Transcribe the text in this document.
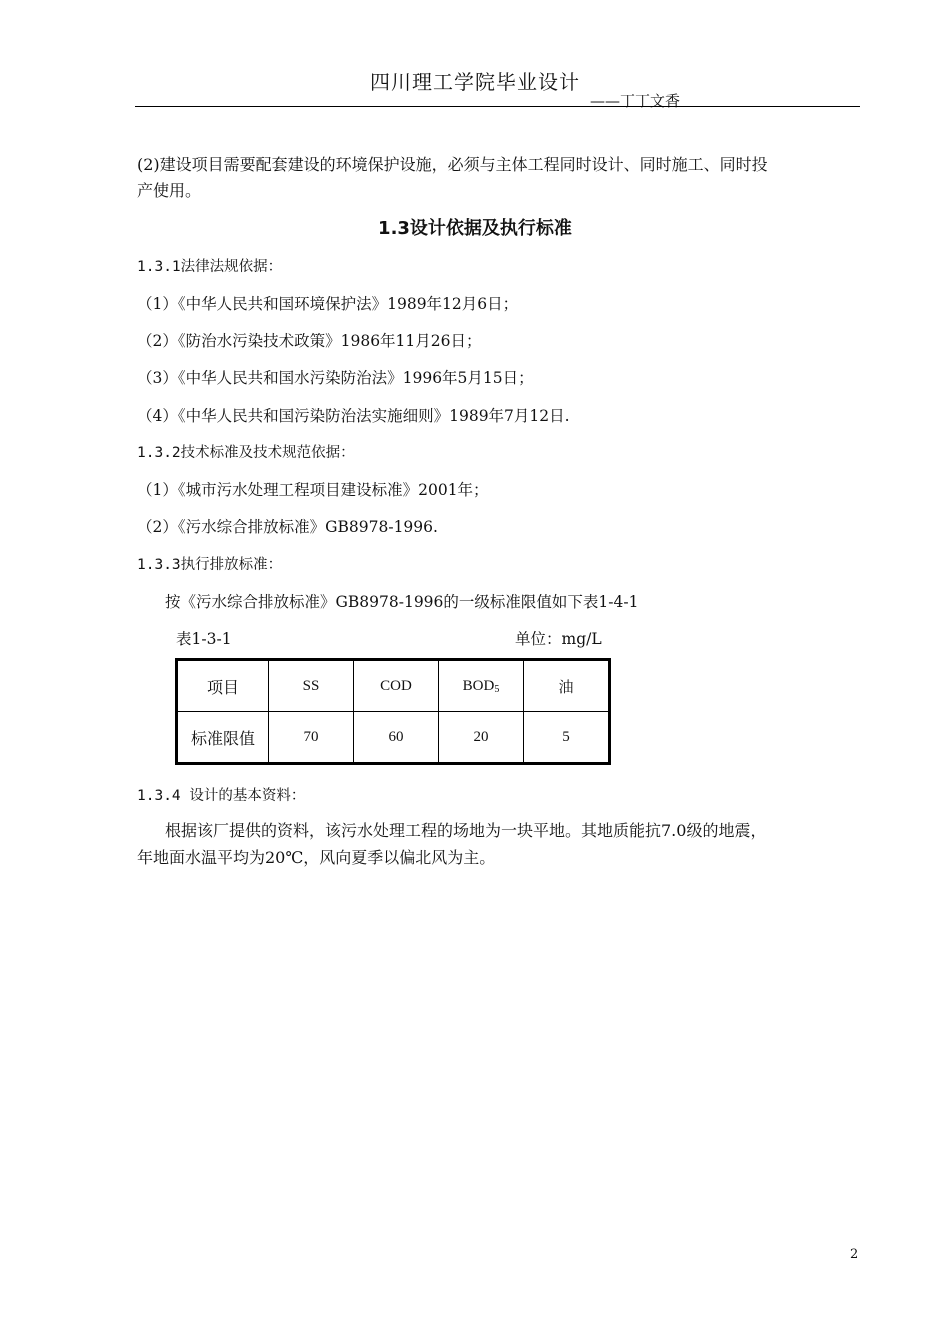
四川理工学院毕业设计
——丁丁文香
(2)建设项目需要配套建设的环境保护设施，必须与主体工程同时设计、同时施工、同时投
产使用。
1.3设计依据及执行标准
1.3.1法律法规依据：
（1）《中华人民共和国环境保护法》1989年12月6日；
（2）《防治水污染技术政策》1986年11月26日；
（3）《中华人民共和国水污染防治法》1996年5月15日；
（4）《中华人民共和国污染防治法实施细则》1989年7月12日.
1.3.2技术标准及技术规范依据：
（1）《城市污水处理工程项目建设标准》2001年；
（2）《污水综合排放标准》GB8978-1996.
1.3.3执行排放标准：
按《污水综合排放标准》GB8978-1996的一级标准限值如下表1-4-1
表1-3-1	单位：mg/L
项目	SS	COD	$BOD_5$	油
标准限值	70	60	20	5
1.3.4 设计的基本资料：
根据该厂提供的资料，该污水处理工程的场地为一块平地。其地质能抗7.0级的地震，
年地面水温平均为20℃，风向夏季以偏北风为主。
2
